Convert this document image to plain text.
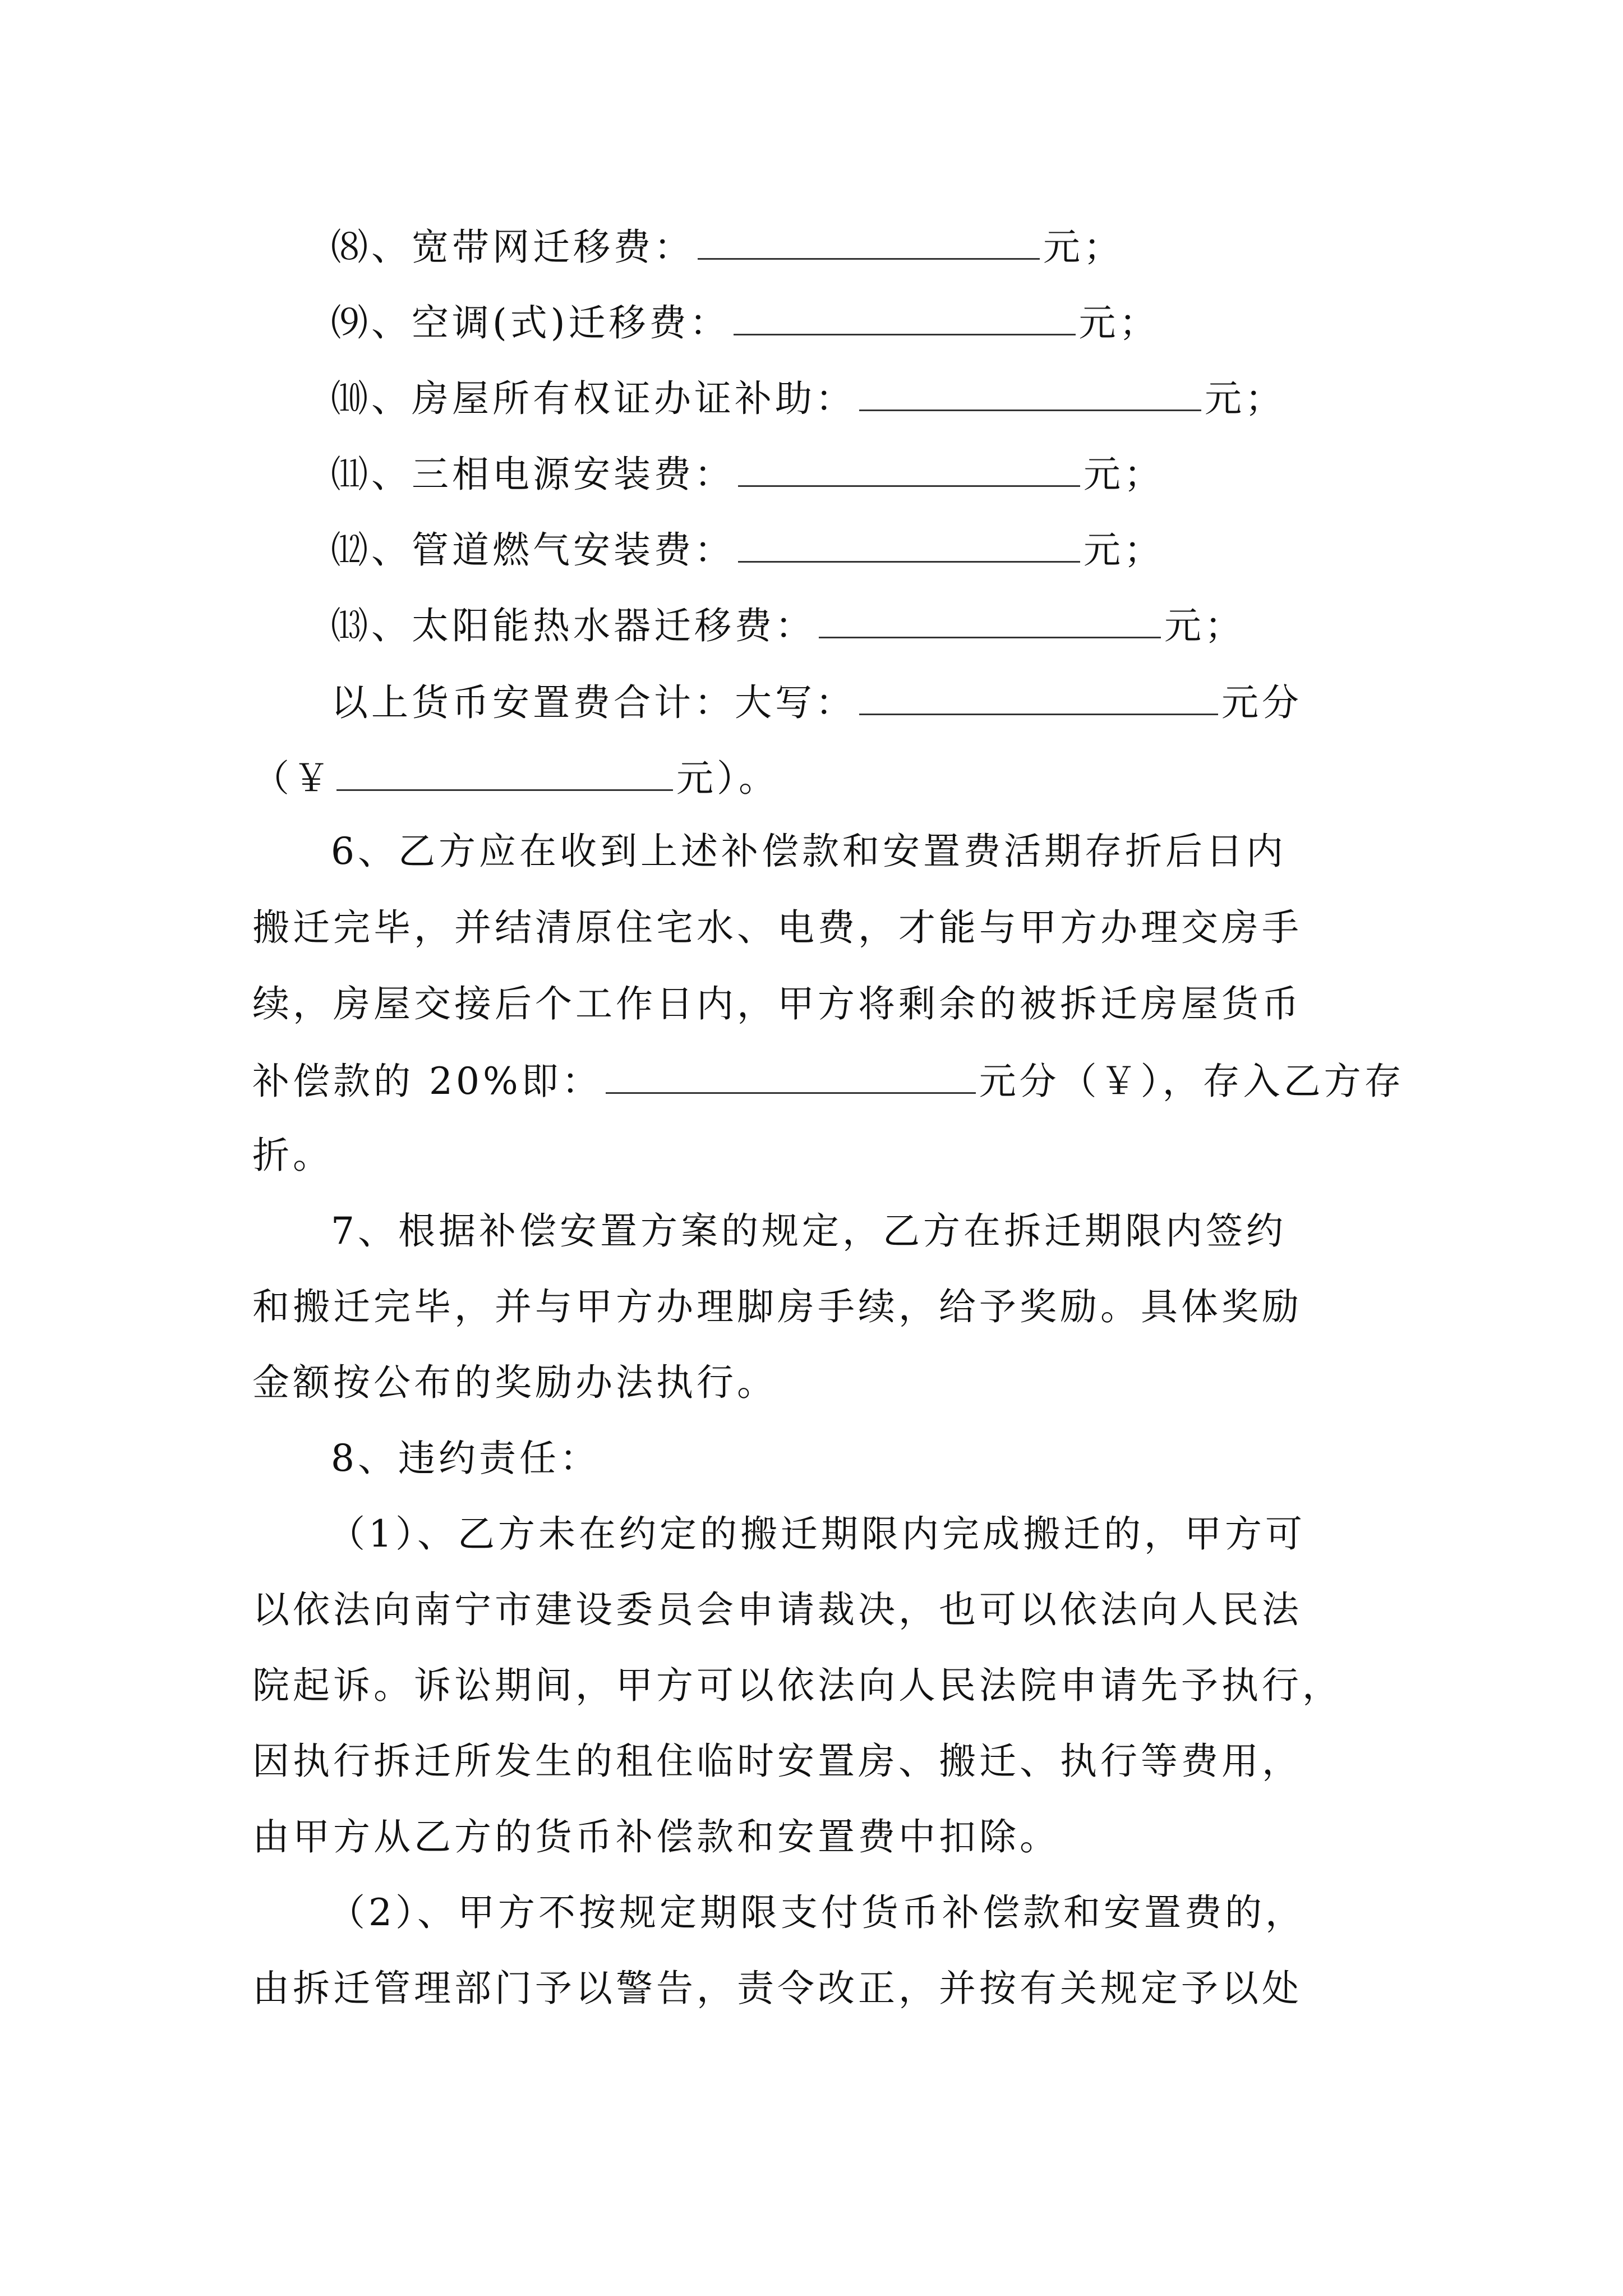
⑻、宽带网迁移费：	元；
⑼、空调(式)迁移费：	元；
⑽、房屋所有权证办证补助：	元；
⑾、三相电源安装费：	元；
⑿、管道燃气安装费：	元；
⒀、太阳能热水器迁移费：	元；
以上货币安置费合计：大写：	元分
（￥	元）。
6、乙方应在收到上述补偿款和安置费活期存折后日内
搬迁完毕，并结清原住宅水、电费，才能与甲方办理交房手
续，房屋交接后个工作日内，甲方将剩余的被拆迁房屋货币
补偿款的 20%即：	元分（￥），存入乙方存
折。
7、根据补偿安置方案的规定，乙方在拆迁期限内签约
和搬迁完毕，并与甲方办理脚房手续，给予奖励。具体奖励
金额按公布的奖励办法执行。
8、违约责任：
（1）、乙方未在约定的搬迁期限内完成搬迁的，甲方可
以依法向南宁市建设委员会申请裁决，也可以依法向人民法
院起诉。诉讼期间，甲方可以依法向人民法院申请先予执行，
因执行拆迁所发生的租住临时安置房、搬迁、执行等费用，
由甲方从乙方的货币补偿款和安置费中扣除。
（2）、甲方不按规定期限支付货币补偿款和安置费的，
由拆迁管理部门予以警告，责令改正，并按有关规定予以处
